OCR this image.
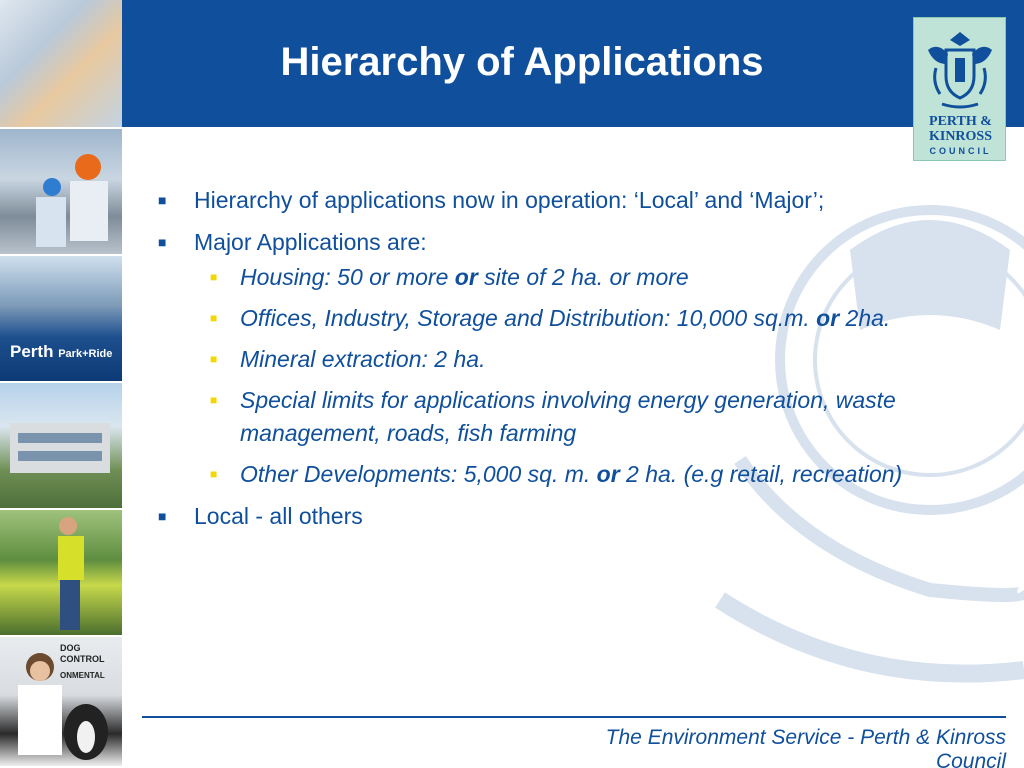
Perth Park+Ride
DOG
CONTROL
ONMENTAL
Hierarchy of Applications
PERTH &
KINROSS
COUNCIL
■	Hierarchy of applications now in operation: ‘Local’ and ‘Major’;
■	Major Applications are:
■ Housing: 50 or more or site of 2 ha. or more
■ Offices, Industry, Storage and Distribution: 10,000 sq.m. or 2ha.
■ Mineral extraction: 2 ha.
■ Special limits for applications involving energy generation, waste management, roads, fish farming
■ Other Developments: 5,000 sq. m. or 2 ha. (e.g retail, recreation)
■	Local - all others
The Environment Service - Perth & Kinross Council
